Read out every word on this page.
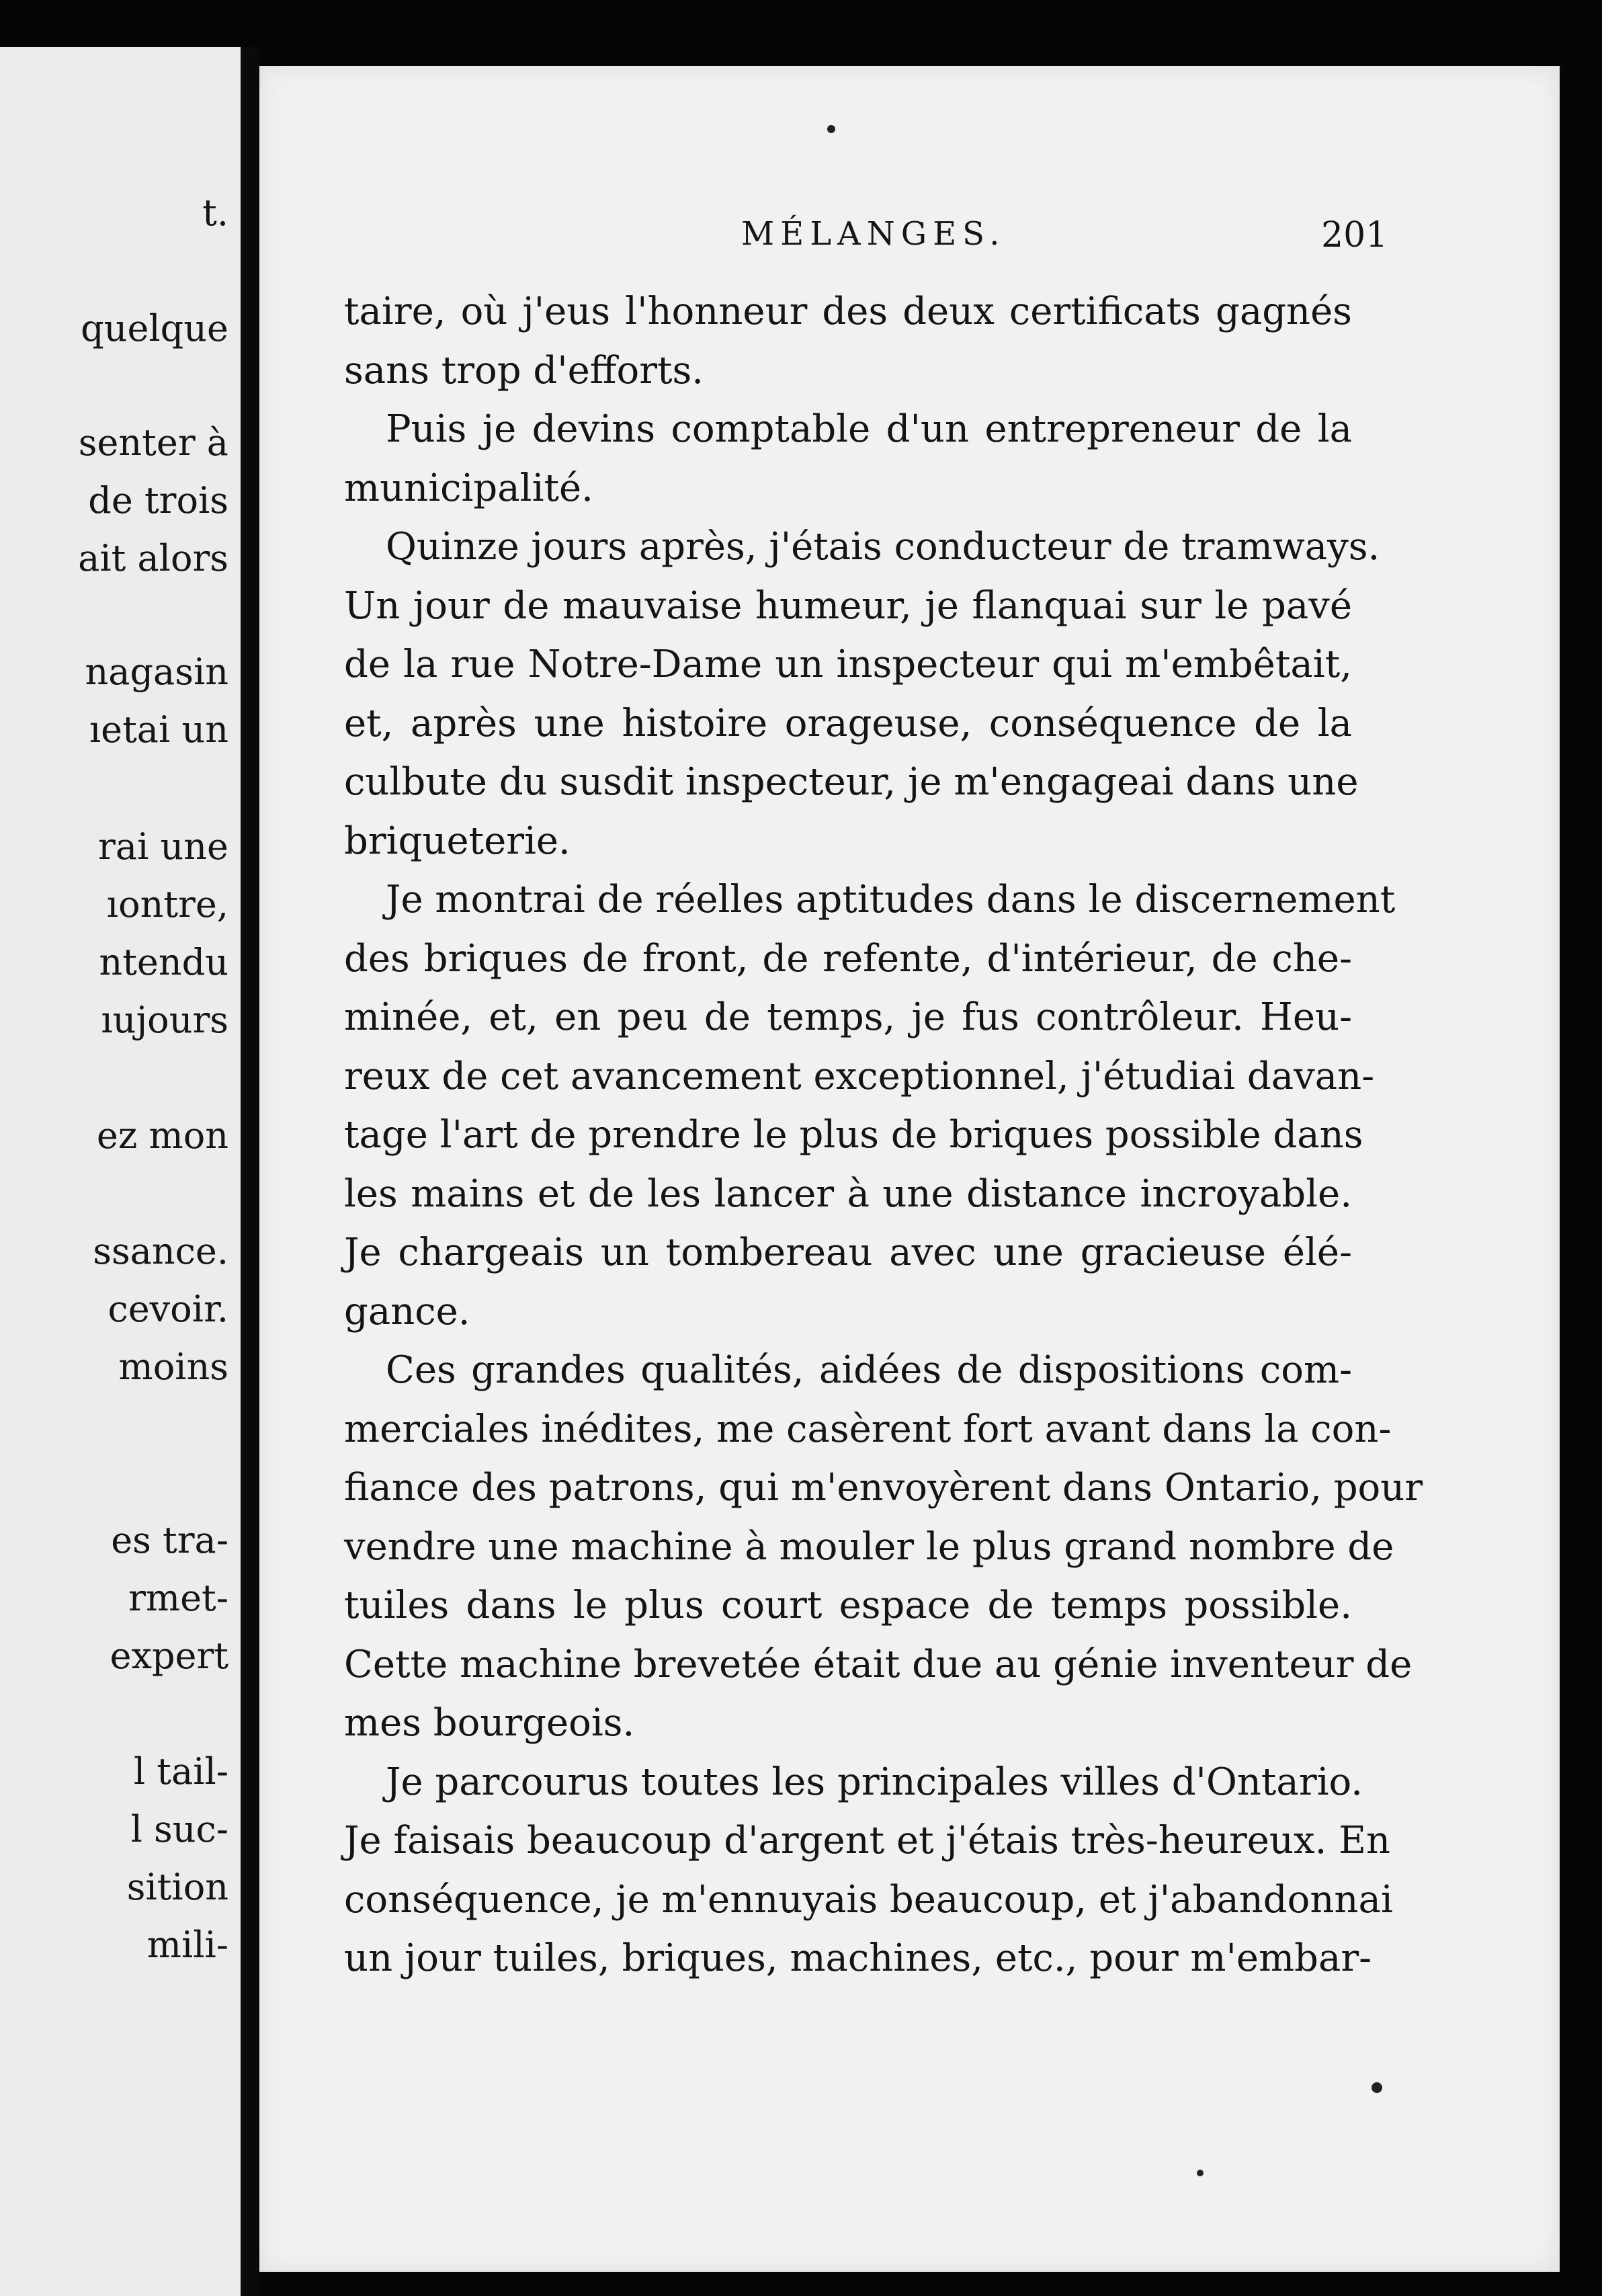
t.
quelque
senter à
de trois
ait alors
nagasin
ıetai un
rai une
ıontre,
ntendu
ıujours
ez mon
ssance.
cevoir.
moins
es tra-
rmet-
expert
l tail-
l suc-
sition
mili-
MÉLANGES.	201
taire, où j'eus l'honneur des deux certificats gagnés
sans trop d'efforts.
Puis je devins comptable d'un entrepreneur de la
municipalité.
Quinze jours après, j'étais conducteur de tramways.
Un jour de mauvaise humeur, je flanquai sur le pavé
de la rue Notre-Dame un inspecteur qui m'embêtait,
et, après une histoire orageuse, conséquence de la
culbute du susdit inspecteur, je m'engageai dans une
briqueterie.
Je montrai de réelles aptitudes dans le discernement
des briques de front, de refente, d'intérieur, de che-
minée, et, en peu de temps, je fus contrôleur. Heu-
reux de cet avancement exceptionnel, j'étudiai davan-
tage l'art de prendre le plus de briques possible dans
les mains et de les lancer à une distance incroyable.
Je chargeais un tombereau avec une gracieuse élé-
gance.
Ces grandes qualités, aidées de dispositions com-
merciales inédites, me casèrent fort avant dans la con-
fiance des patrons, qui m'envoyèrent dans Ontario, pour
vendre une machine à mouler le plus grand nombre de
tuiles dans le plus court espace de temps possible.
Cette machine brevetée était due au génie inventeur de
mes bourgeois.
Je parcourus toutes les principales villes d'Ontario.
Je faisais beaucoup d'argent et j'étais très-heureux. En
conséquence, je m'ennuyais beaucoup, et j'abandonnai
un jour tuiles, briques, machines, etc., pour m'embar-
